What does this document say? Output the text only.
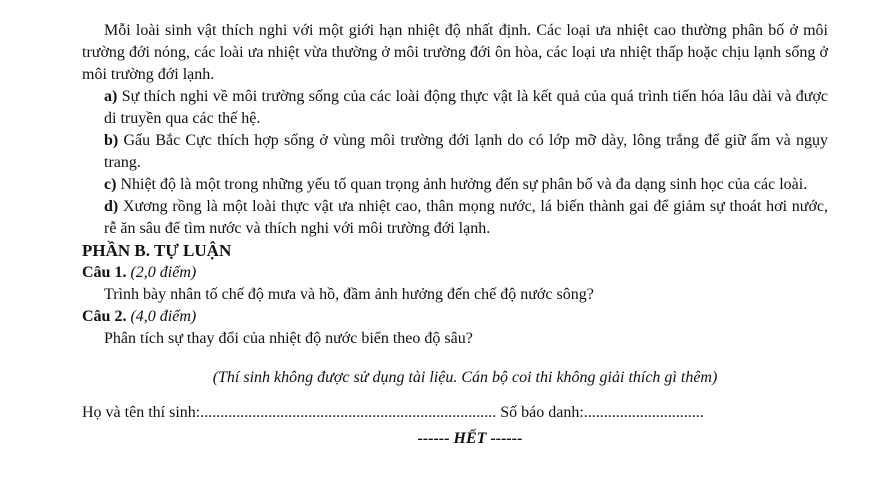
Mỗi loài sinh vật thích nghi với một giới hạn nhiệt độ nhất định. Các loại ưa nhiệt cao thường phân bố ở môi trường đới nóng, các loài ưa nhiệt vừa thường ở môi trường đới ôn hòa, các loại ưa nhiệt thấp hoặc chịu lạnh sống ở môi trường đới lạnh.

a) Sự thích nghi về môi trường sống của các loài động thực vật là kết quả của quá trình tiến hóa lâu dài và được di truyền qua các thế hệ.

b) Gấu Bắc Cực thích hợp sống ở vùng môi trường đới lạnh do có lớp mỡ dày, lông trắng để giữ ấm và ngụy trang.

c) Nhiệt độ là một trong những yếu tố quan trọng ảnh hưởng đến sự phân bố và đa dạng sinh học của các loài.

d) Xương rồng là một loài thực vật ưa nhiệt cao, thân mọng nước, lá biến thành gai để giảm sự thoát hơi nước, rễ ăn sâu để tìm nước và thích nghi với môi trường đới lạnh.

PHẦN B. TỰ LUẬN

Câu 1. (2,0 điểm)

Trình bày nhân tố chế độ mưa và hồ, đầm ảnh hưởng đến chế độ nước sông?

Câu 2. (4,0 điểm)

Phân tích sự thay đổi của nhiệt độ nước biển theo độ sâu?

(Thí sinh không được sử dụng tài liệu. Cán bộ coi thi không giải thích gì thêm)

Họ và tên thí sinh:.......................................................................... Số báo danh:..............................

------ HẾT ------
